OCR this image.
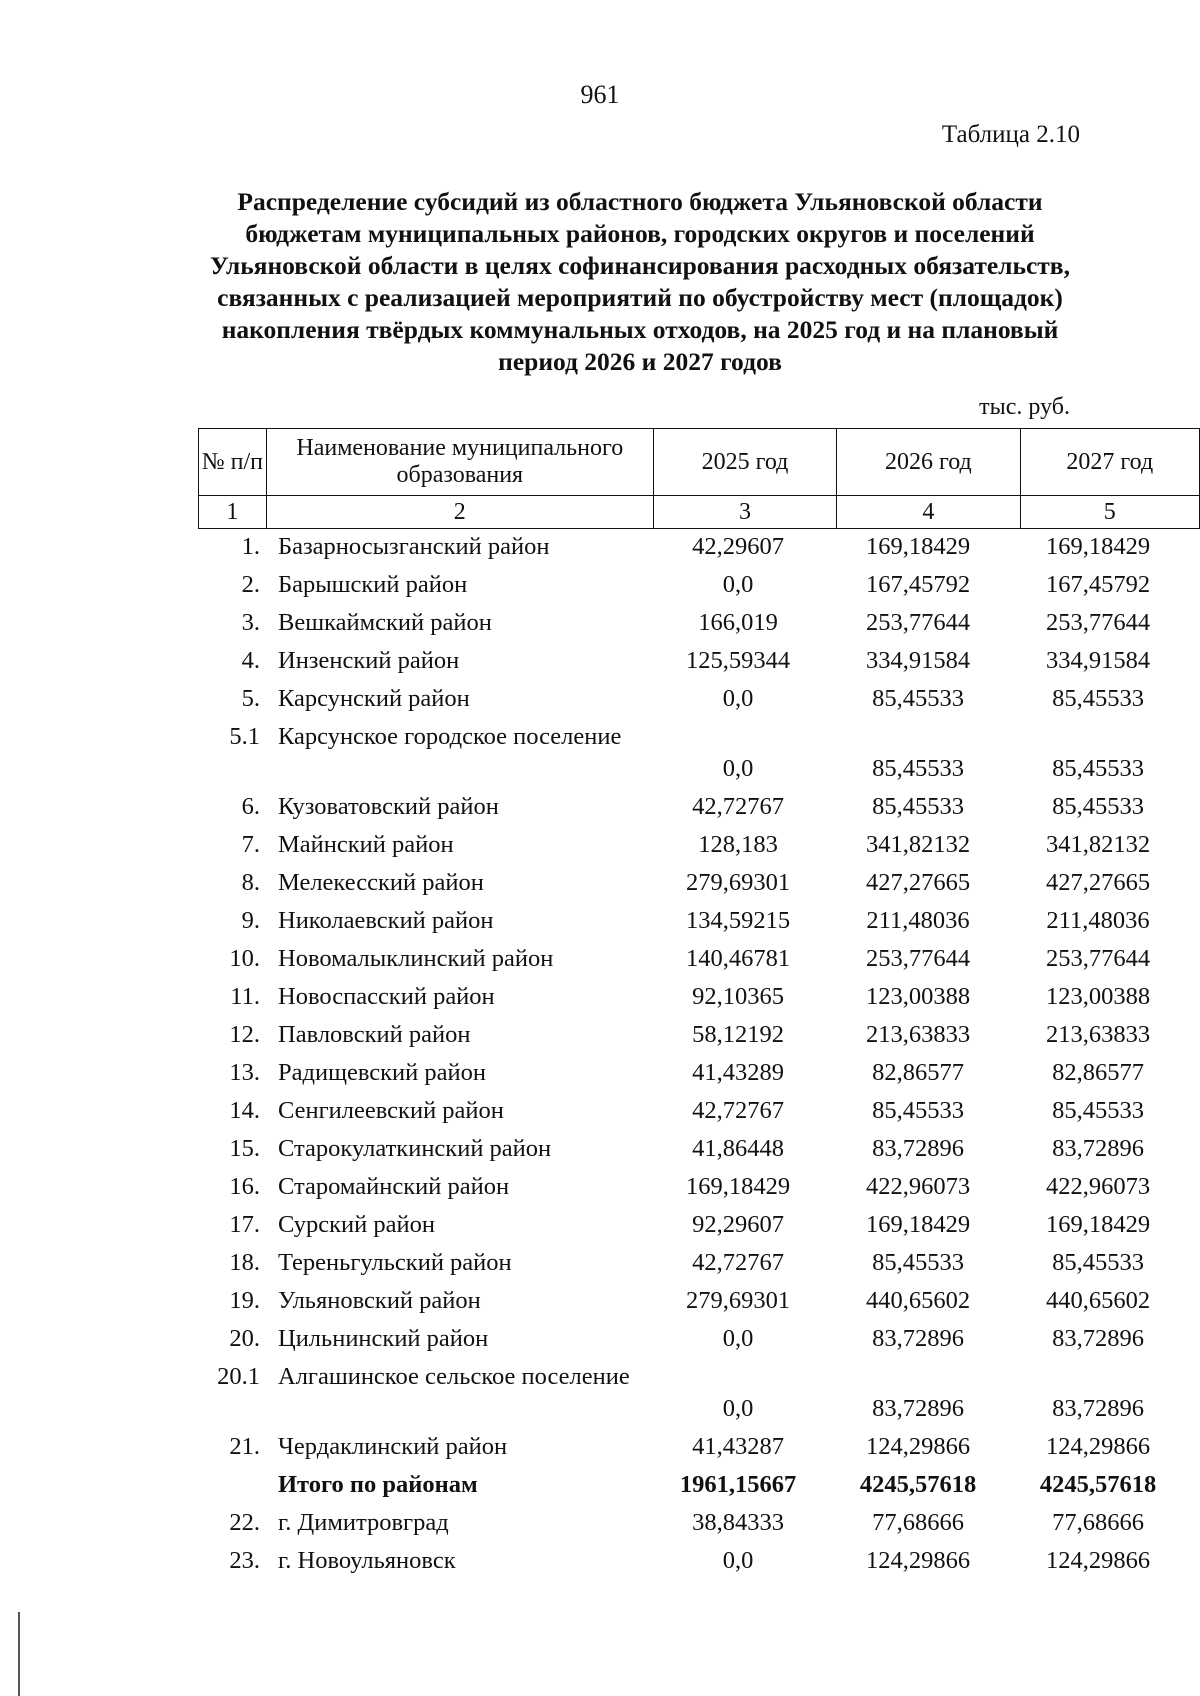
961
Таблица 2.10
Распределение субсидий из областного бюджета Ульяновской области бюджетам муниципальных районов, городских округов и поселений Ульяновской области в целях софинансирования расходных обязательств, связанных с реализацией мероприятий по обустройству мест (площадок) накопления твёрдых коммунальных отходов, на 2025 год и на плановый период 2026 и 2027 годов
тыс. руб.
№ п/п	Наименование муниципального образования	2025 год	2026 год	2027 год
1	2	3	4	5
1. Базарносызганский район	42,29607	169,18429	169,18429
2. Барышский район	0,0	167,45792	167,45792
3. Вешкаймский район	166,019	253,77644	253,77644
4. Инзенский район	125,59344	334,91584	334,91584
5. Карсунский район	0,0	85,45533	85,45533
5.1 Карсунское городское поселение
0,0	85,45533	85,45533
6. Кузоватовский район	42,72767	85,45533	85,45533
7. Майнский район	128,183	341,82132	341,82132
8. Мелекесский район	279,69301	427,27665	427,27665
9. Николаевский район	134,59215	211,48036	211,48036
10. Новомалыклинский район	140,46781	253,77644	253,77644
11. Новоспасский район	92,10365	123,00388	123,00388
12. Павловский район	58,12192	213,63833	213,63833
13. Радищевский район	41,43289	82,86577	82,86577
14. Сенгилеевский район	42,72767	85,45533	85,45533
15. Старокулаткинский район	41,86448	83,72896	83,72896
16. Старомайнский район	169,18429	422,96073	422,96073
17. Сурский район	92,29607	169,18429	169,18429
18. Тереньгульский район	42,72767	85,45533	85,45533
19. Ульяновский район	279,69301	440,65602	440,65602
20. Цильнинский район	0,0	83,72896	83,72896
20.1 Алгашинское сельское поселение
0,0	83,72896	83,72896
21. Чердаклинский район	41,43287	124,29866	124,29866
Итого по районам	1961,15667	4245,57618	4245,57618
22. г. Димитровград	38,84333	77,68666	77,68666
23. г. Новоульяновск	0,0	124,29866	124,29866
